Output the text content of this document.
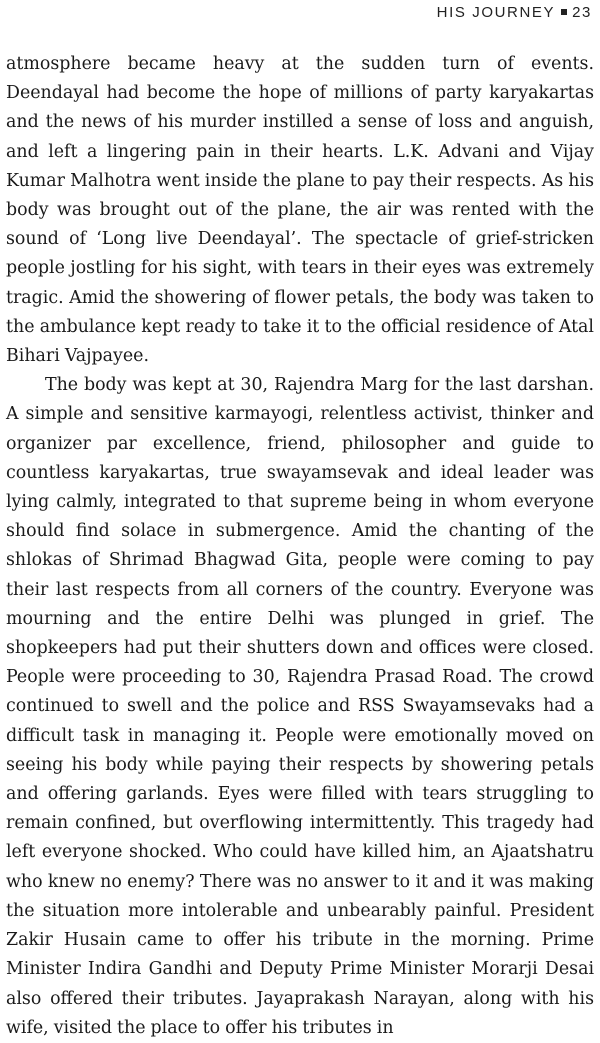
HIS JOURNEY 23

atmosphere became heavy at the sudden turn of events. Deendayal had become the hope of millions of party karyakartas and the news of his murder instilled a sense of loss and anguish, and left a lingering pain in their hearts. L.K. Advani and Vijay Kumar Malhotra went inside the plane to pay their respects. As his body was brought out of the plane, the air was rented with the sound of ‘Long live Deendayal’. The spectacle of grief-stricken people jostling for his sight, with tears in their eyes was extremely tragic. Amid the showering of flower petals, the body was taken to the ambulance kept ready to take it to the official residence of Atal Bihari Vajpayee.

The body was kept at 30, Rajendra Marg for the last darshan. A simple and sensitive karmayogi, relentless activist, thinker and organizer par excellence, friend, philosopher and guide to countless karyakartas, true swayamsevak and ideal leader was lying calmly, integrated to that supreme being in whom everyone should find solace in submergence. Amid the chanting of the shlokas of Shrimad Bhagwad Gita, people were coming to pay their last respects from all corners of the country. Everyone was mourning and the entire Delhi was plunged in grief. The shopkeepers had put their shutters down and offices were closed. People were proceeding to 30, Rajendra Prasad Road. The crowd continued to swell and the police and RSS Swayamsevaks had a difficult task in managing it. People were emotionally moved on seeing his body while paying their respects by showering petals and offering garlands. Eyes were filled with tears struggling to remain confined, but overflowing intermittently. This tragedy had left everyone shocked. Who could have killed him, an Ajaatshatru who knew no enemy? There was no answer to it and it was making the situation more intolerable and unbearably painful. President Zakir Husain came to offer his tribute in the morning. Prime Minister Indira Gandhi and Deputy Prime Minister Morarji Desai also offered their tributes. Jayaprakash Narayan, along with his wife, visited the place to offer his tributes in
